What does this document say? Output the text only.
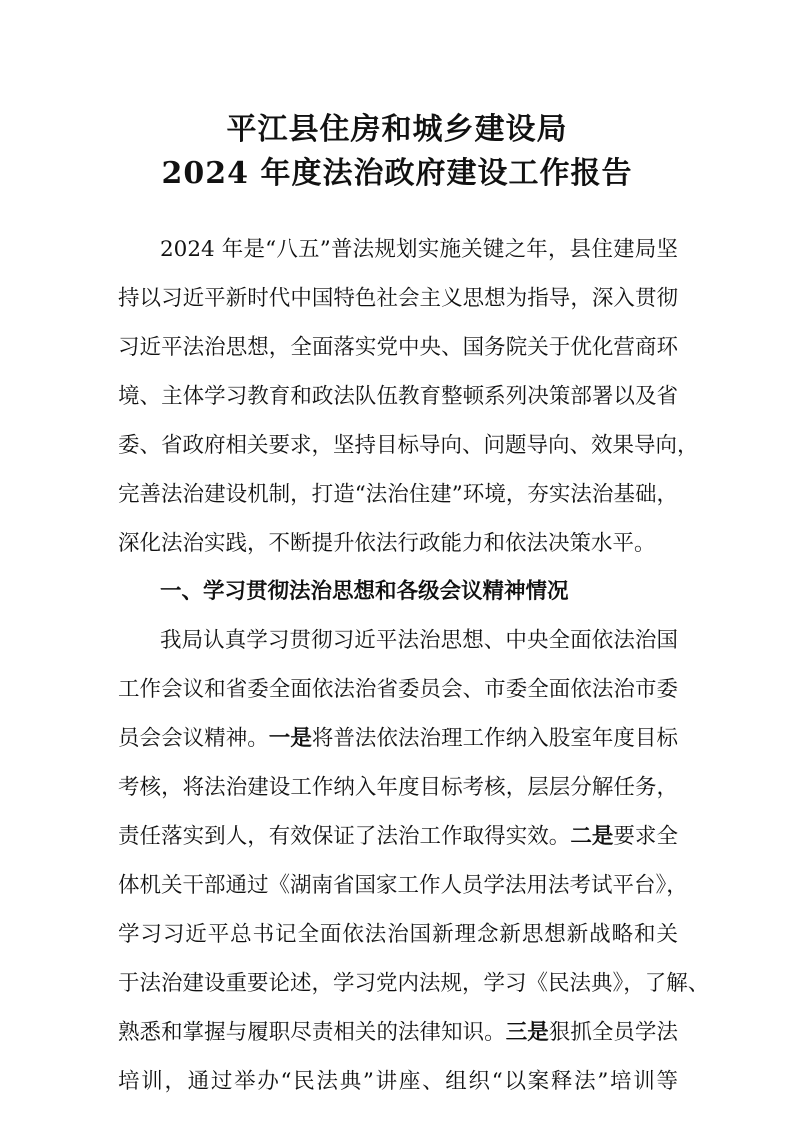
平江县住房和城乡建设局
2024 年度法治政府建设工作报告
2024 年是“八五”普法规划实施关键之年，县住建局坚
持以习近平新时代中国特色社会主义思想为指导，深入贯彻
习近平法治思想，全面落实党中央、国务院关于优化营商环
境、主体学习教育和政法队伍教育整顿系列决策部署以及省
委、省政府相关要求，坚持目标导向、问题导向、效果导向，
完善法治建设机制，打造“法治住建”环境，夯实法治基础，
深化法治实践，不断提升依法行政能力和依法决策水平。
一、学习贯彻法治思想和各级会议精神情况
我局认真学习贯彻习近平法治思想、中央全面依法治国
工作会议和省委全面依法治省委员会、市委全面依法治市委
员会会议精神。一是将普法依法治理工作纳入股室年度目标
考核，将法治建设工作纳入年度目标考核，层层分解任务，
责任落实到人，有效保证了法治工作取得实效。二是要求全
体机关干部通过《湖南省国家工作人员学法用法考试平台》，
学习习近平总书记全面依法治国新理念新思想新战略和关
于法治建设重要论述，学习党内法规，学习《民法典》，了解、
熟悉和掌握与履职尽责相关的法律知识。三是狠抓全员学法
培训，通过举办“民法典”讲座、组织“以案释法”培训等
